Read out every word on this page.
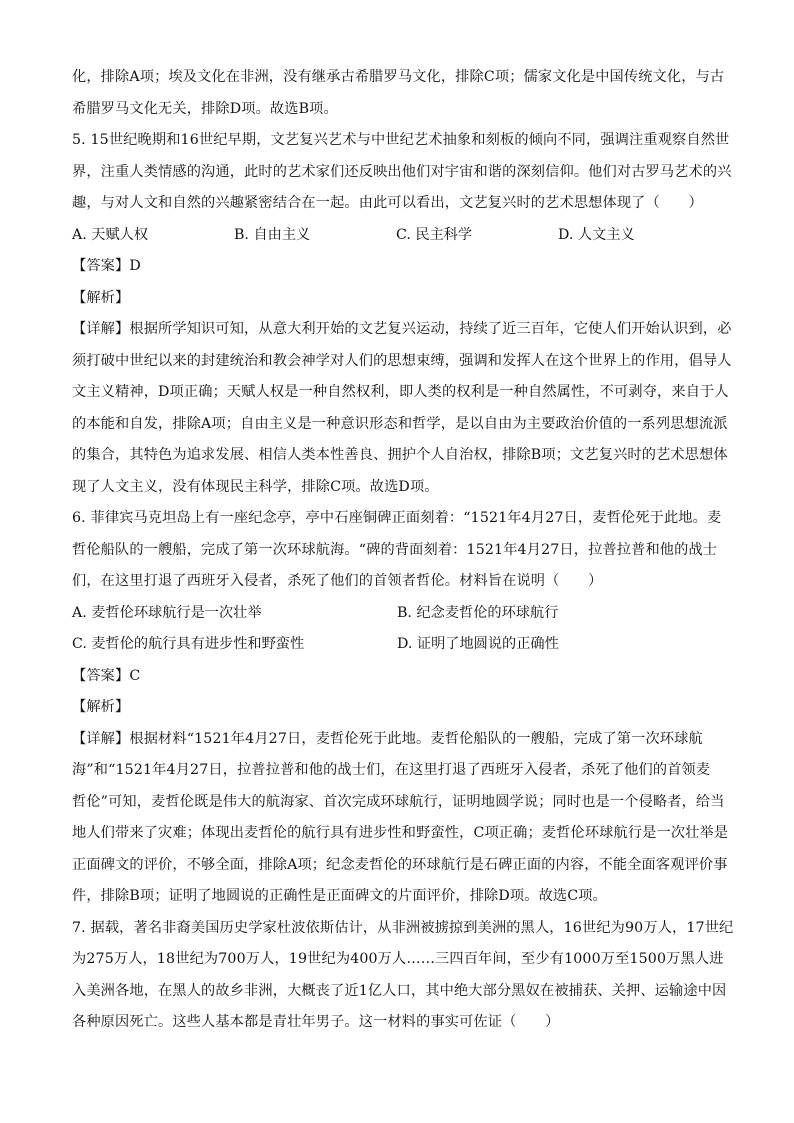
化，排除A项；埃及文化在非洲，没有继承古希腊罗马文化，排除C项；儒家文化是中国传统文化，与古
希腊罗马文化无关，排除D项。故选B项。
5. 15世纪晚期和16世纪早期，文艺复兴艺术与中世纪艺术抽象和刻板的倾向不同，强调注重观察自然世
界，注重人类情感的沟通，此时的艺术家们还反映出他们对宇宙和谐的深刻信仰。他们对古罗马艺术的兴
趣，与对人文和自然的兴趣紧密结合在一起。由此可以看出，文艺复兴时的艺术思想体现了（　　）
A. 天赋人权	B. 自由主义	C. 民主科学	D. 人文主义
【答案】D
【解析】
【详解】根据所学知识可知，从意大利开始的文艺复兴运动，持续了近三百年，它使人们开始认识到，必
须打破中世纪以来的封建统治和教会神学对人们的思想束缚，强调和发挥人在这个世界上的作用，倡导人
文主义精神，D项正确；天赋人权是一种自然权利，即人类的权利是一种自然属性，不可剥夺，来自于人
的本能和自发，排除A项；自由主义是一种意识形态和哲学，是以自由为主要政治价值的一系列思想流派
的集合，其特色为追求发展、相信人类本性善良、拥护个人自治权，排除B项；文艺复兴时的艺术思想体
现了人文主义，没有体现民主科学，排除C项。故选D项。
6. 菲律宾马克坦岛上有一座纪念亭，亭中石座铜碑正面刻着：“1521年4月27日，麦哲伦死于此地。麦
哲伦船队的一艘船，完成了第一次环球航海。“碑的背面刻着：1521年4月27日，拉普拉普和他的战士
们，在这里打退了西班牙入侵者，杀死了他们的首领者哲伦。材料旨在说明（　　）
A. 麦哲伦环球航行是一次壮举	B. 纪念麦哲伦的环球航行
C. 麦哲伦的航行具有进步性和野蛮性	D. 证明了地圆说的正确性
【答案】C
【解析】
【详解】根据材料“1521年4月27日，麦哲伦死于此地。麦哲伦船队的一艘船，完成了第一次环球航
海”和“1521年4月27日，拉普拉普和他的战士们，在这里打退了西班牙入侵者，杀死了他们的首领麦
哲伦”可知，麦哲伦既是伟大的航海家、首次完成环球航行，证明地圆学说；同时也是一个侵略者，给当
地人们带来了灾难；体现出麦哲伦的航行具有进步性和野蛮性，C项正确；麦哲伦环球航行是一次壮举是
正面碑文的评价，不够全面，排除A项；纪念麦哲伦的环球航行是石碑正面的内容，不能全面客观评价事
件，排除B项；证明了地圆说的正确性是正面碑文的片面评价，排除D项。故选C项。
7. 据载，著名非裔美国历史学家杜波依斯估计，从非洲被掳掠到美洲的黑人，16世纪为90万人，17世纪
为275万人，18世纪为700万人，19世纪为400万人……三四百年间，至少有1000万至1500万黑人进
入美洲各地，在黑人的故乡非洲，大概丧了近1亿人口，其中绝大部分黑奴在被捕获、关押、运输途中因
各种原因死亡。这些人基本都是青壮年男子。这一材料的事实可佐证（　　）
